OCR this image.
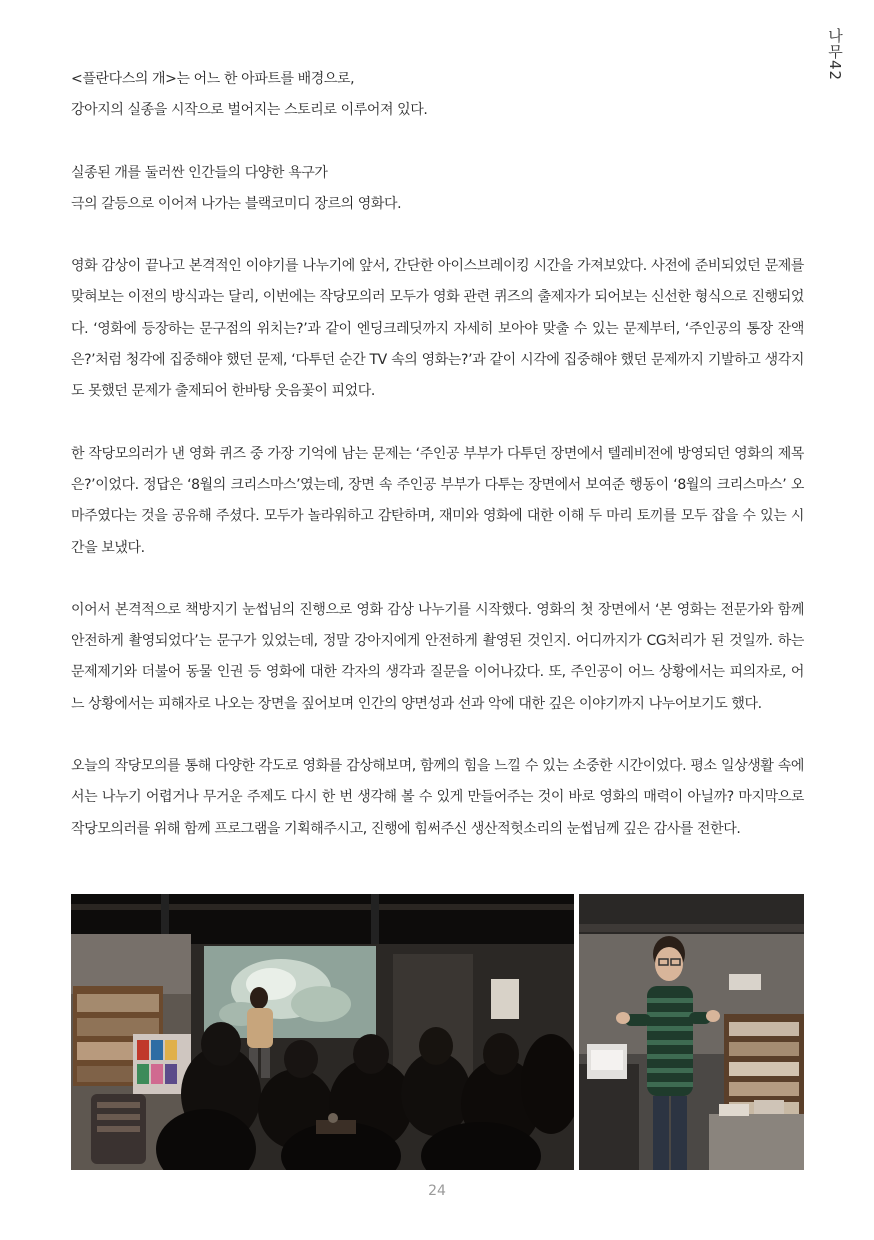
나무42

<플란다스의 개>는 어느 한 아파트를 배경으로,
강아지의 실종을 시작으로 벌어지는 스토리로 이루어져 있다.

실종된 개를 둘러싼 인간들의 다양한 욕구가
극의 갈등으로 이어져 나가는 블랙코미디 장르의 영화다.

영화 감상이 끝나고 본격적인 이야기를 나누기에 앞서, 간단한 아이스브레이킹 시간을 가져보았다. 사전에 준비되었던 문제를 맞혀보는 이전의 방식과는 달리, 이번에는 작당모의러 모두가 영화 관련 퀴즈의 출제자가 되어보는 신선한 형식으로 진행되었다. ‘영화에 등장하는 문구점의 위치는?’과 같이 엔딩크레딧까지 자세히 보아야 맞출 수 있는 문제부터, ‘주인공의 통장 잔액은?’처럼 청각에 집중해야 했던 문제, ‘다투던 순간 TV 속의 영화는?’과 같이 시각에 집중해야 했던 문제까지 기발하고 생각지도 못했던 문제가 출제되어 한바탕 웃음꽃이 피었다.

한 작당모의러가 낸 영화 퀴즈 중 가장 기억에 남는 문제는 ‘주인공 부부가 다투던 장면에서 텔레비전에 방영되던 영화의 제목은?’이었다. 정답은 ‘8월의 크리스마스’였는데, 장면 속 주인공 부부가 다투는 장면에서 보여준 행동이 ‘8월의 크리스마스’ 오마주였다는 것을 공유해 주셨다. 모두가 놀라워하고 감탄하며, 재미와 영화에 대한 이해 두 마리 토끼를 모두 잡을 수 있는 시간을 보냈다.

이어서 본격적으로 책방지기 눈썹님의 진행으로 영화 감상 나누기를 시작했다. 영화의 첫 장면에서 ‘본 영화는 전문가와 함께 안전하게 촬영되었다’는 문구가 있었는데, 정말 강아지에게 안전하게 촬영된 것인지. 어디까지가 CG처리가 된 것일까. 하는 문제제기와 더불어 동물 인권 등 영화에 대한 각자의 생각과 질문을 이어나갔다. 또, 주인공이 어느 상황에서는 피의자로, 어느 상황에서는 피해자로 나오는 장면을 짚어보며 인간의 양면성과 선과 악에 대한 깊은 이야기까지 나누어보기도 했다.

오늘의 작당모의를 통해 다양한 각도로 영화를 감상해보며, 함께의 힘을 느낄 수 있는 소중한 시간이었다. 평소 일상생활 속에서는 나누기 어렵거나 무거운 주제도 다시 한 번 생각해 볼 수 있게 만들어주는 것이 바로 영화의 매력이 아닐까? 마지막으로 작당모의러를 위해 함께 프로그램을 기획해주시고, 진행에 힘써주신 생산적헛소리의 눈썹님께 깊은 감사를 전한다.

24
